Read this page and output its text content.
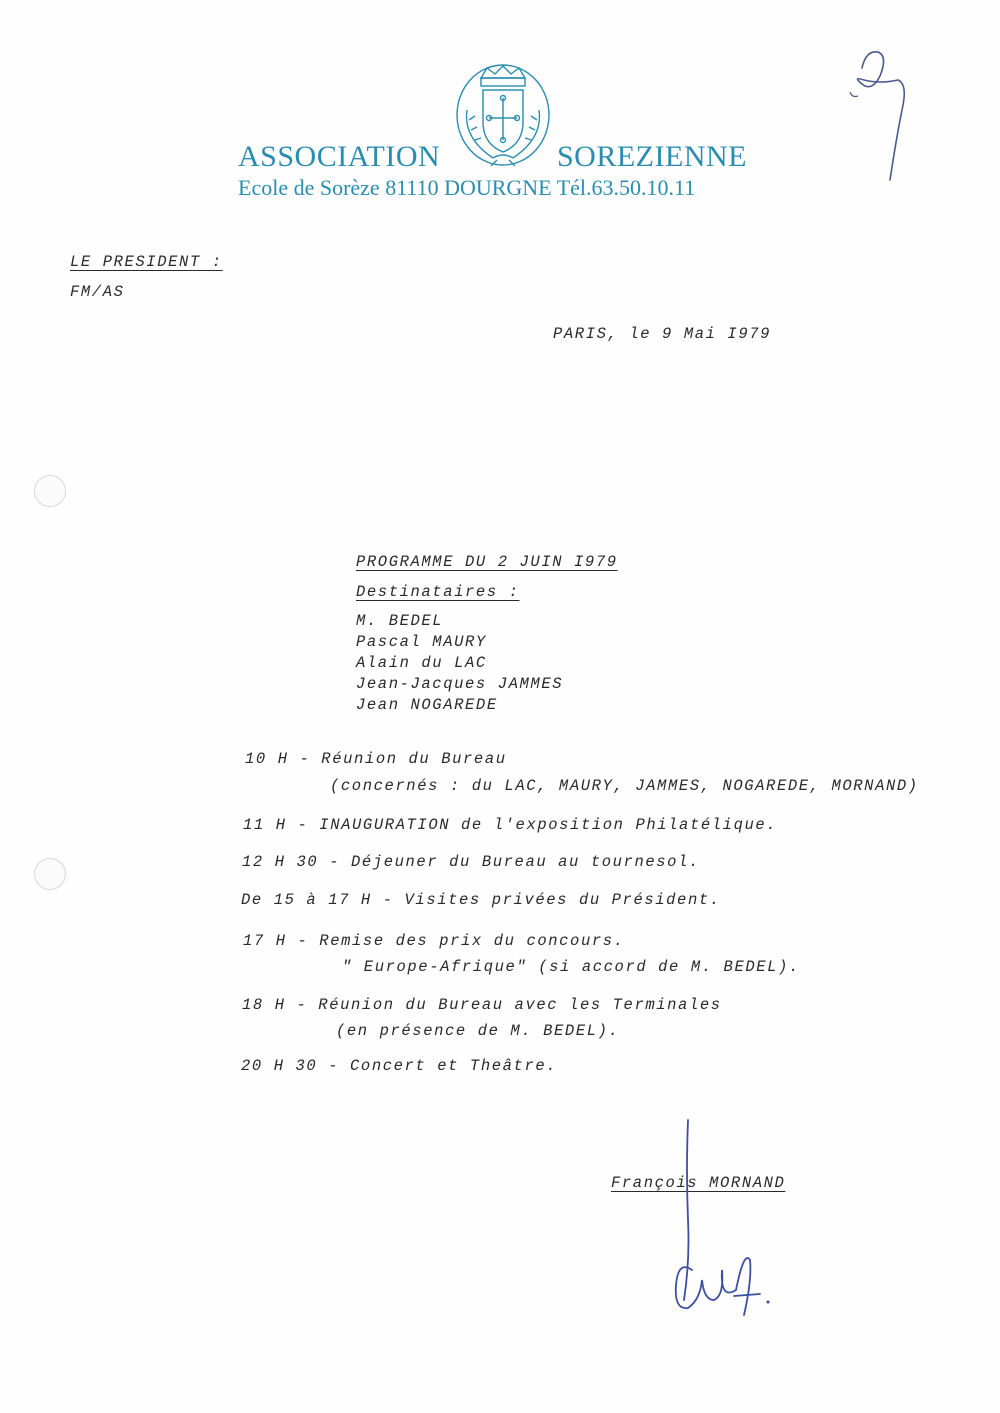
ASSOCIATION	SOREZIENNE
Ecole de Sorèze 81110 DOURGNE Tél.63.50.10.11
LE PRESIDENT :
FM/AS
PARIS, le 9 Mai I979
PROGRAMME DU 2 JUIN I979
Destinataires :
M. BEDEL
Pascal MAURY
Alain du LAC
Jean-Jacques JAMMES
Jean NOGAREDE
10 H - Réunion du Bureau
(concernés : du LAC, MAURY, JAMMES, NOGAREDE, MORNAND)
11 H - INAUGURATION de l'exposition Philatélique.
12 H 30 - Déjeuner du Bureau au tournesol.
De 15 à 17 H - Visites privées du Président.
17 H - Remise des prix du concours.
" Europe-Afrique" (si accord de M. BEDEL).
18 H - Réunion du Bureau avec les Terminales
(en présence de M. BEDEL).
20 H 30 - Concert et Theâtre.
François MORNAND
